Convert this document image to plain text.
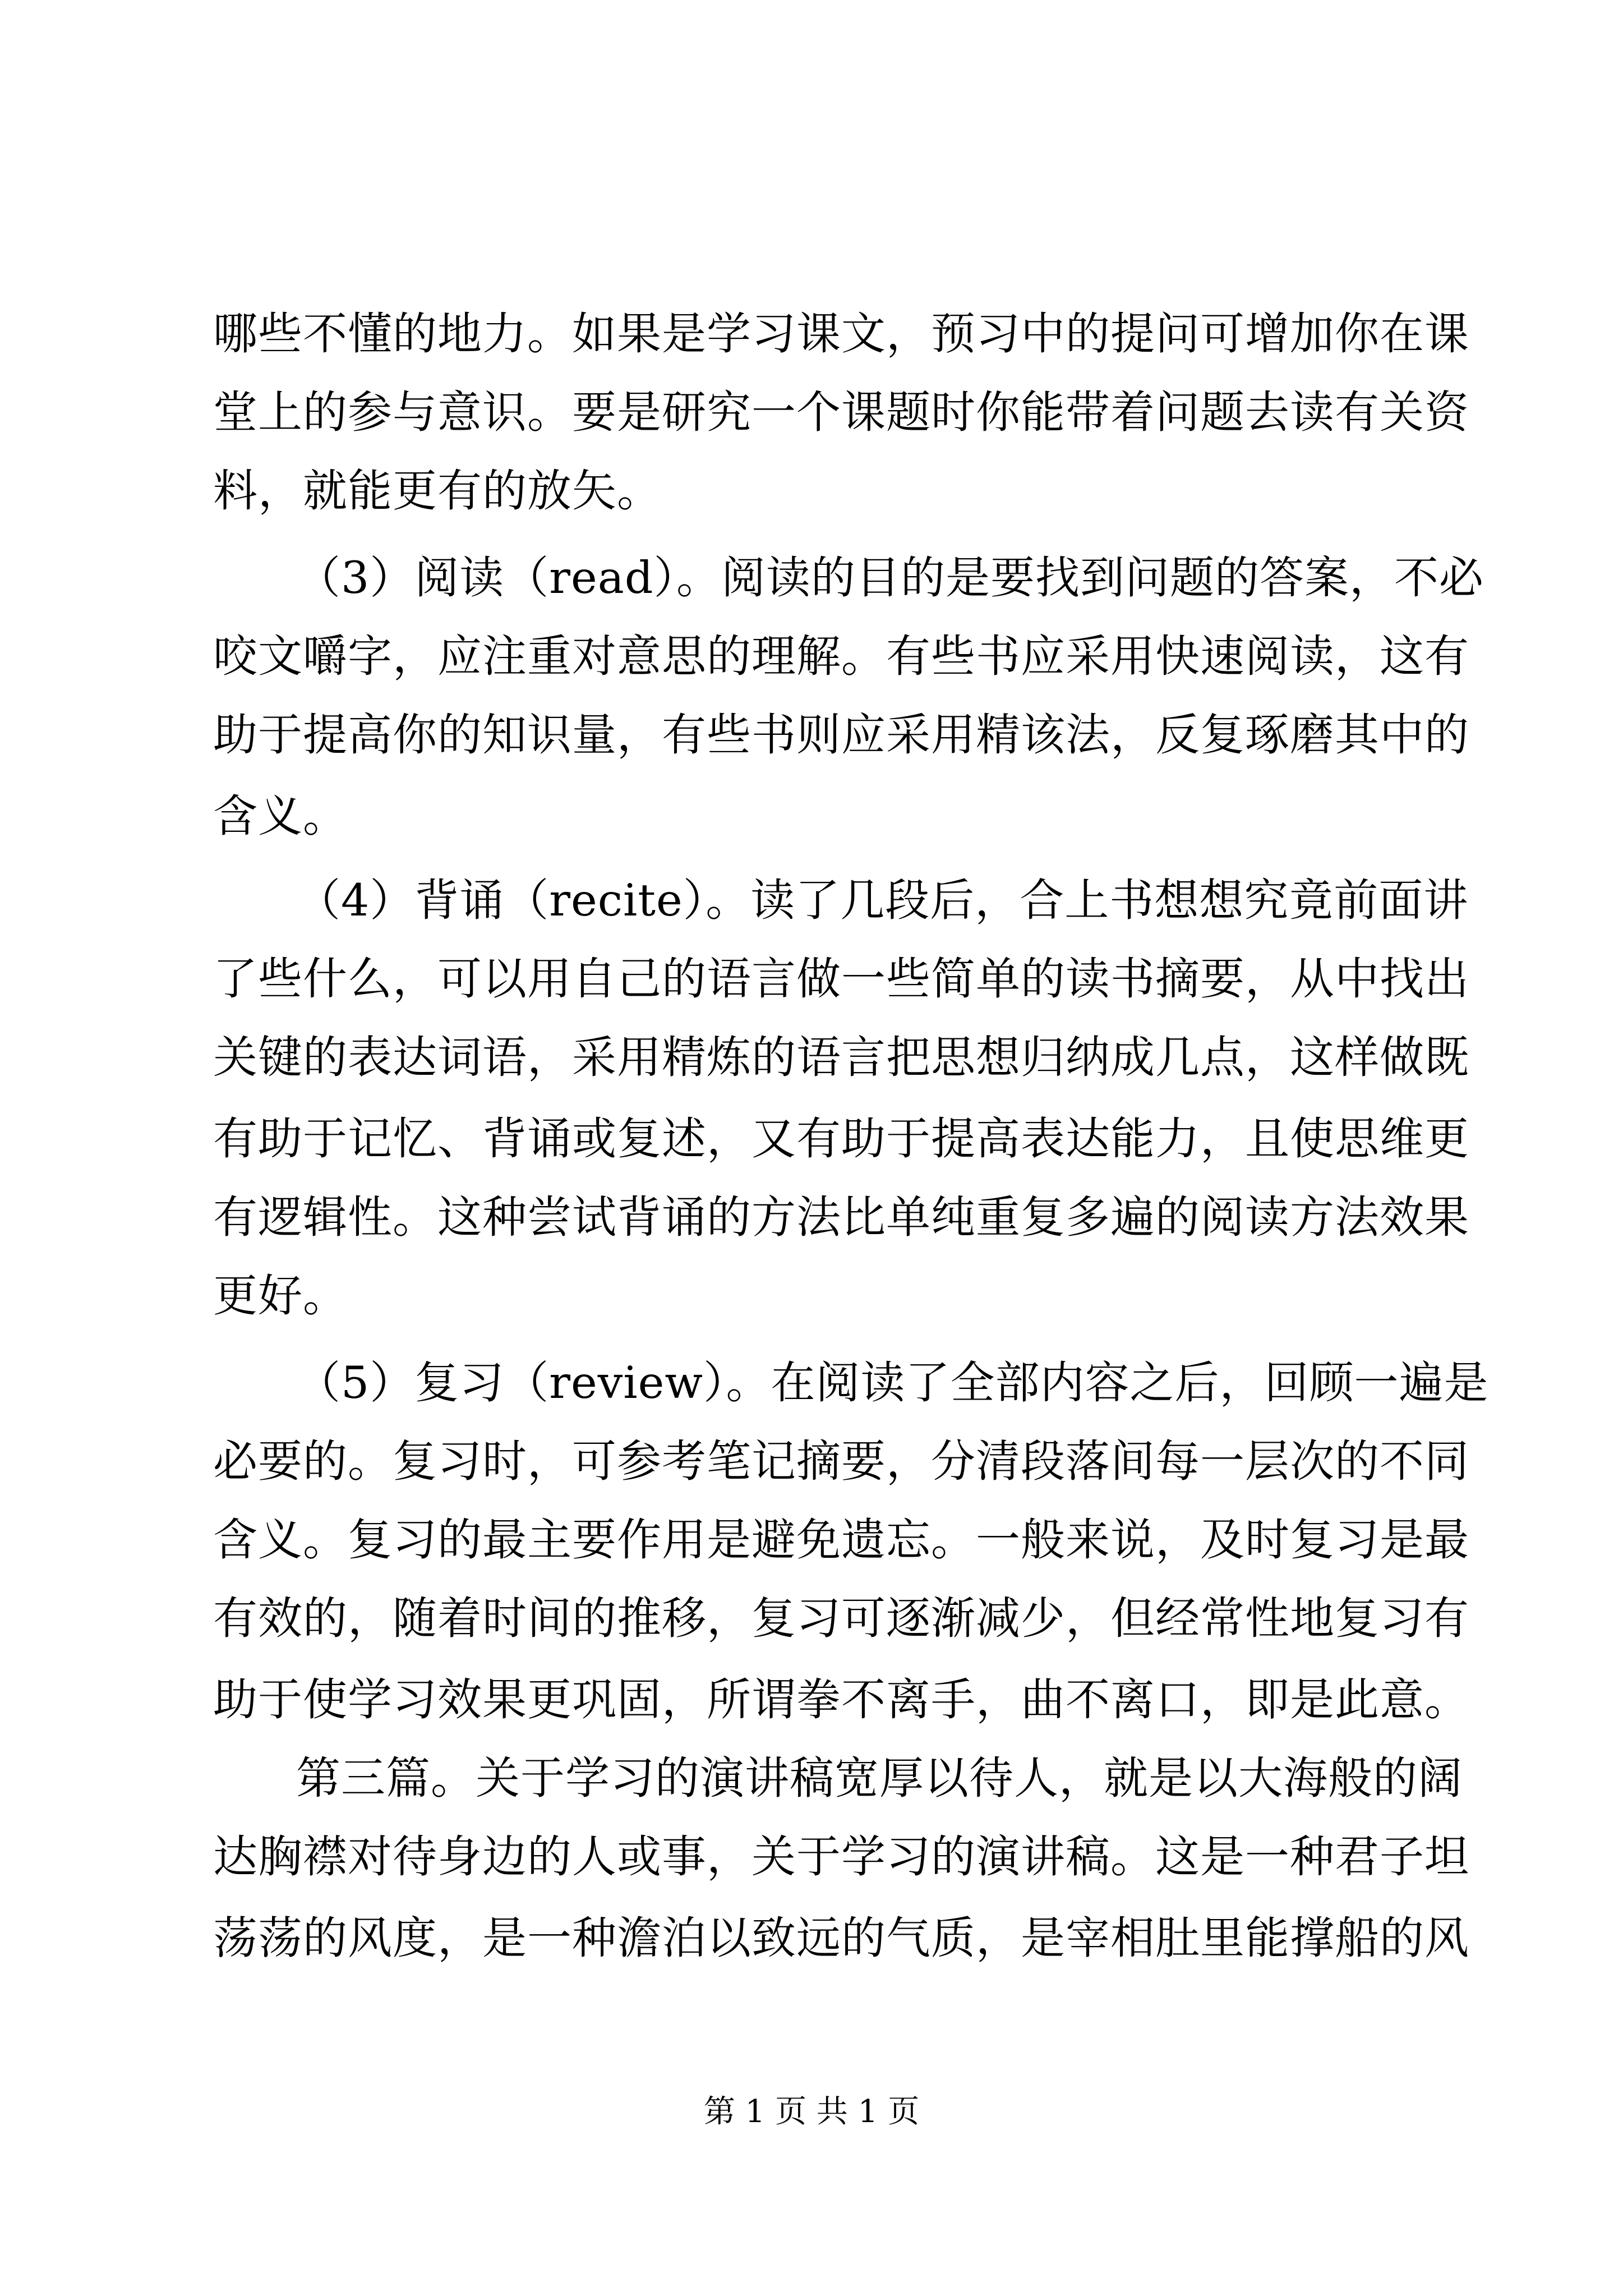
哪些不懂的地力。如果是学习课文，预习中的提问可增加你在课
堂上的参与意识。要是研究一个课题时你能带着问题去读有关资
料，就能更有的放矢。
（3）阅读（read）。阅读的目的是要找到问题的答案，不必
咬文嚼字，应注重对意思的理解。有些书应采用快速阅读，这有
助于提高你的知识量，有些书则应采用精该法，反复琢磨其中的
含义。
（4）背诵（recite）。读了几段后，合上书想想究竟前面讲
了些什么，可以用自己的语言做一些简单的读书摘要，从中找出
关键的表达词语，采用精炼的语言把思想归纳成几点，这样做既
有助于记忆、背诵或复述，又有助于提高表达能力，且使思维更
有逻辑性。这种尝试背诵的方法比单纯重复多遍的阅读方法效果
更好。
（5）复习（review）。在阅读了全部内容之后，回顾一遍是
必要的。复习时，可参考笔记摘要，分清段落间每一层次的不同
含义。复习的最主要作用是避免遗忘。一般来说，及时复习是最
有效的，随着时间的推移，复习可逐渐减少，但经常性地复习有
助于使学习效果更巩固，所谓拳不离手，曲不离口，即是此意。
第三篇。关于学习的演讲稿宽厚以待人，就是以大海般的阔
达胸襟对待身边的人或事，关于学习的演讲稿。这是一种君子坦
荡荡的风度，是一种澹泊以致远的气质，是宰相肚里能撑船的风
第 1 页 共 1 页
